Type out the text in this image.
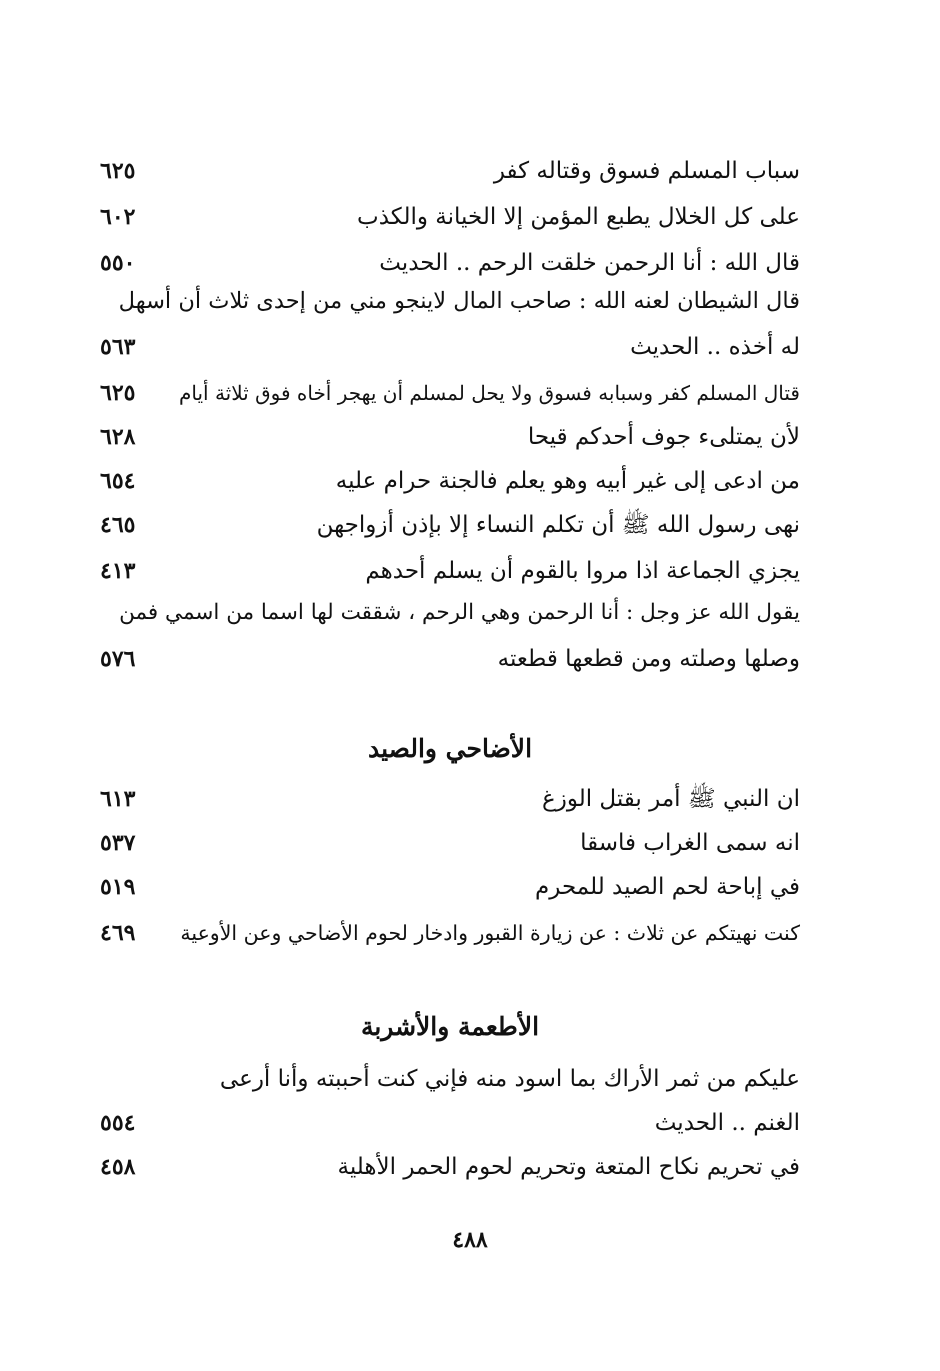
سباب المسلم فسوق وقتاله كفر
٦٢٥
على كل الخلال يطبع المؤمن إلا الخيانة والكذب
٦٠٢
قال الله : أنا الرحمن خلقت الرحم .. الحديث
٥٥٠
قال الشيطان لعنه الله : صاحب المال لاينجو مني من إحدى ثلاث أن أسهل
له أخذه .. الحديث
٥٦٣
قتال المسلم كفر وسبابه فسوق ولا يحل لمسلم أن يهجر أخاه فوق ثلاثة أيام
٦٢٥
لأن يمتلىء جوف أحدكم قيحا
٦٢٨
من ادعى إلى غير أبيه وهو يعلم فالجنة حرام عليه
٦٥٤
نهى رسول الله ﷺ أن تكلم النساء إلا بإذن أزواجهن
٤٦٥
يجزي الجماعة اذا مروا بالقوم أن يسلم أحدهم
٤١٣
يقول الله عز وجل : أنا الرحمن وهي الرحم ، شققت لها اسما من اسمي فمن
وصلها وصلته ومن قطعها قطعته
٥٧٦
الأضاحي والصيد
ان النبي ﷺ أمر بقتل الوزغ
٦١٣
انه سمى الغراب فاسقا
٥٣٧
في إباحة لحم الصيد للمحرم
٥١٩
كنت نهيتكم عن ثلاث : عن زيارة القبور وادخار لحوم الأضاحي وعن الأوعية
٤٦٩
الأطعمة والأشربة
عليكم من ثمر الأراك بما اسود منه فإني كنت أحببته وأنا أرعى
الغنم .. الحديث
٥٥٤
في تحريم نكاح المتعة وتحريم لحوم الحمر الأهلية
٤٥٨
٤٨٨
